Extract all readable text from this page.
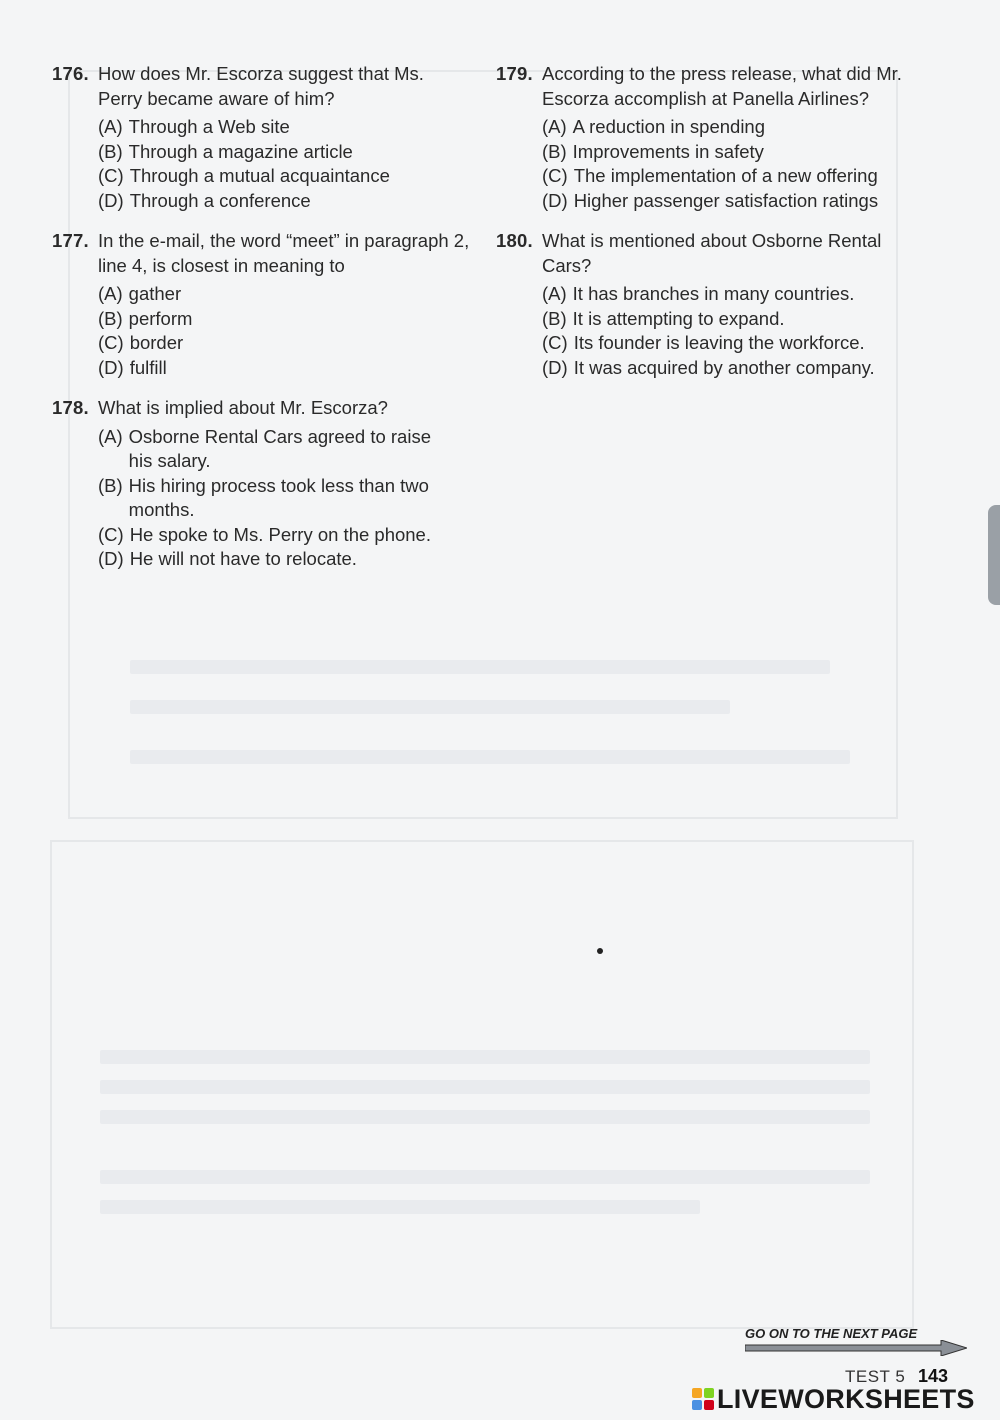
176. How does Mr. Escorza suggest that Ms. Perry became aware of him?
(A) Through a Web site
(B) Through a magazine article
(C) Through a mutual acquaintance
(D) Through a conference
177. In the e-mail, the word “meet” in paragraph 2, line 4, is closest in meaning to
(A) gather
(B) perform
(C) border
(D) fulfill
178. What is implied about Mr. Escorza?
(A) Osborne Rental Cars agreed to raise his salary.
(B) His hiring process took less than two months.
(C) He spoke to Ms. Perry on the phone.
(D) He will not have to relocate.
179. According to the press release, what did Mr. Escorza accomplish at Panella Airlines?
(A) A reduction in spending
(B) Improvements in safety
(C) The implementation of a new offering
(D) Higher passenger satisfaction ratings
180. What is mentioned about Osborne Rental Cars?
(A) It has branches in many countries.
(B) It is attempting to expand.
(C) Its founder is leaving the workforce.
(D) It was acquired by another company.
GO ON TO THE NEXT PAGE
TEST 5 143
LIVEWORKSHEETS
